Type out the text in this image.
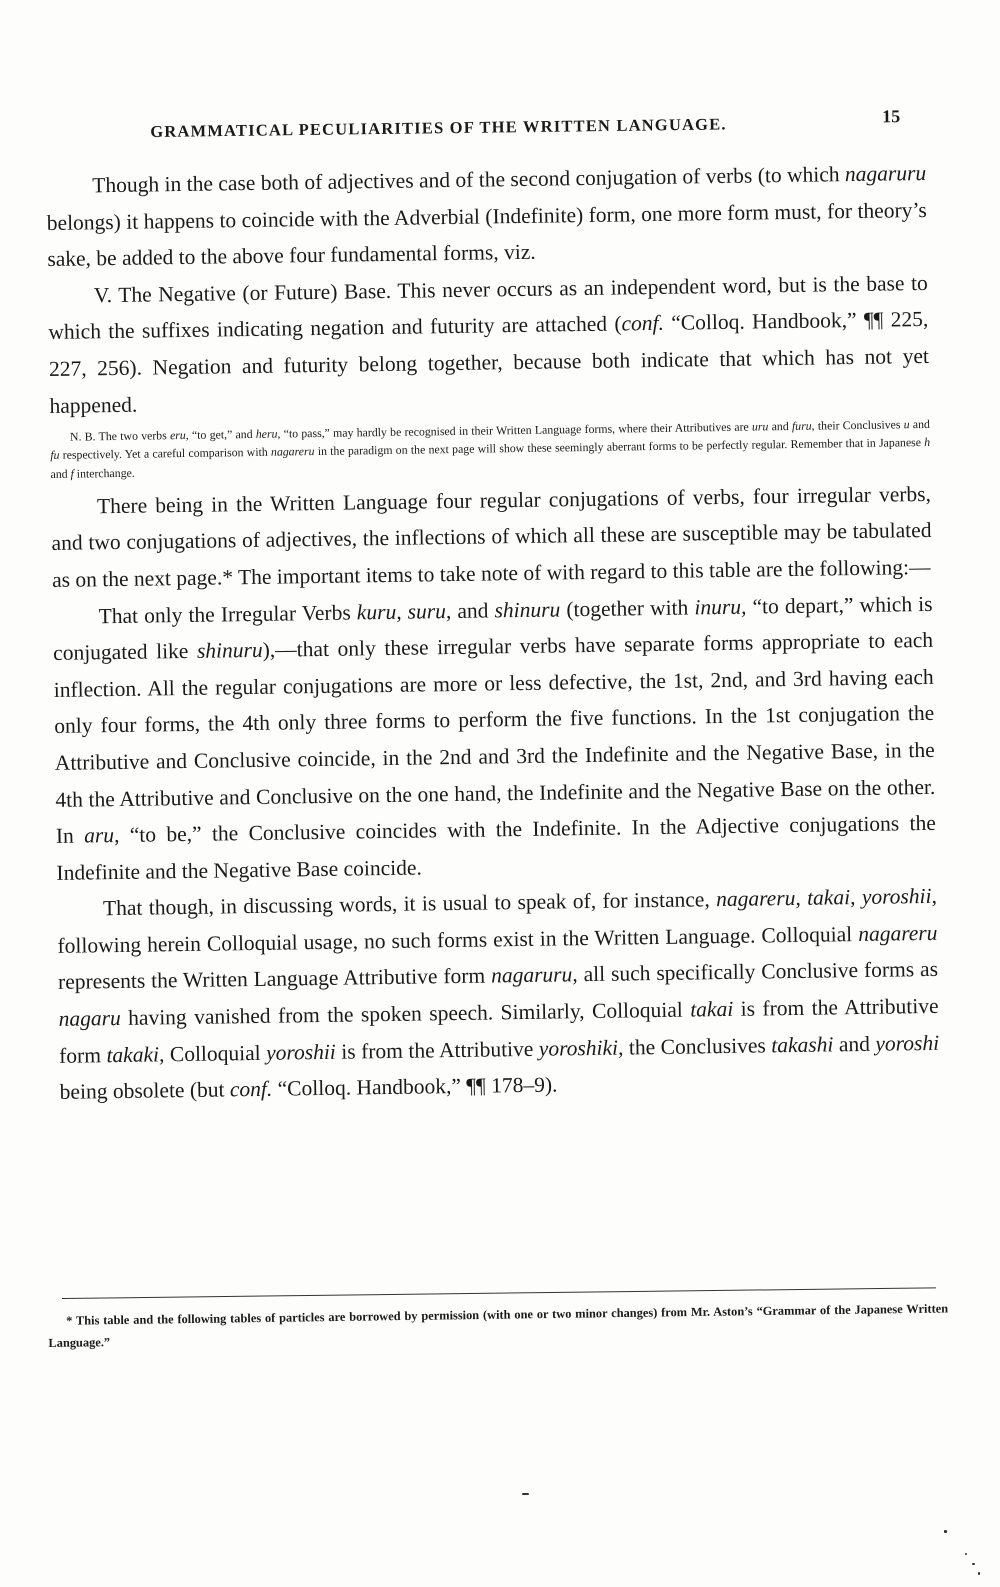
GRAMMATICAL PECULIARITIES OF THE WRITTEN LANGUAGE.	15

Though in the case both of adjectives and of the second conjugation of verbs (to which nagaruru belongs) it happens to coincide with the Adverbial (Indefinite) form, one more form must, for theory’s sake, be added to the above four fundamental forms, viz.

V. The Negative (or Future) Base. This never occurs as an independent word, but is the base to which the suffixes indicating negation and futurity are attached (conf. “Colloq. Handbook,” ¶¶ 225, 227, 256). Negation and futurity belong together, because both indicate that which has not yet happened.

N. B. The two verbs eru, “to get,” and heru, “to pass,” may hardly be recognised in their Written Language forms, where their Attributives are uru and furu, their Conclusives u and fu respectively. Yet a careful comparison with nagareru in the paradigm on the next page will show these seemingly aberrant forms to be perfectly regular. Remember that in Japanese h and f interchange.

There being in the Written Language four regular conjugations of verbs, four irregular verbs, and two conjugations of adjectives, the inflections of which all these are susceptible may be tabulated as on the next page.* The important items to take note of with regard to this table are the following:—

That only the Irregular Verbs kuru, suru, and shinuru (together with inuru, “to depart,” which is conjugated like shinuru),—that only these irregular verbs have separate forms appropriate to each inflection. All the regular conjugations are more or less defective, the 1st, 2nd, and 3rd having each only four forms, the 4th only three forms to perform the five functions. In the 1st conjugation the Attributive and Conclusive coincide, in the 2nd and 3rd the Indefinite and the Negative Base, in the 4th the Attributive and Conclusive on the one hand, the Indefinite and the Negative Base on the other. In aru, “to be,” the Conclusive coincides with the Indefinite. In the Adjective conjugations the Indefinite and the Negative Base coincide.

That though, in discussing words, it is usual to speak of, for instance, nagareru, takai, yoroshii, following herein Colloquial usage, no such forms exist in the Written Language. Colloquial nagareru represents the Written Language Attributive form nagaruru, all such specifically Conclusive forms as nagaru having vanished from the spoken speech. Similarly, Colloquial takai is from the Attributive form takaki, Colloquial yoroshii is from the Attributive yoroshiki, the Conclusives takashi and yoroshi being obsolete (but conf. “Colloq. Handbook,” ¶¶ 178–9).

* This table and the following tables of particles are borrowed by permission (with one or two minor changes) from Mr. Aston’s “Grammar of the Japanese Written Language.”
